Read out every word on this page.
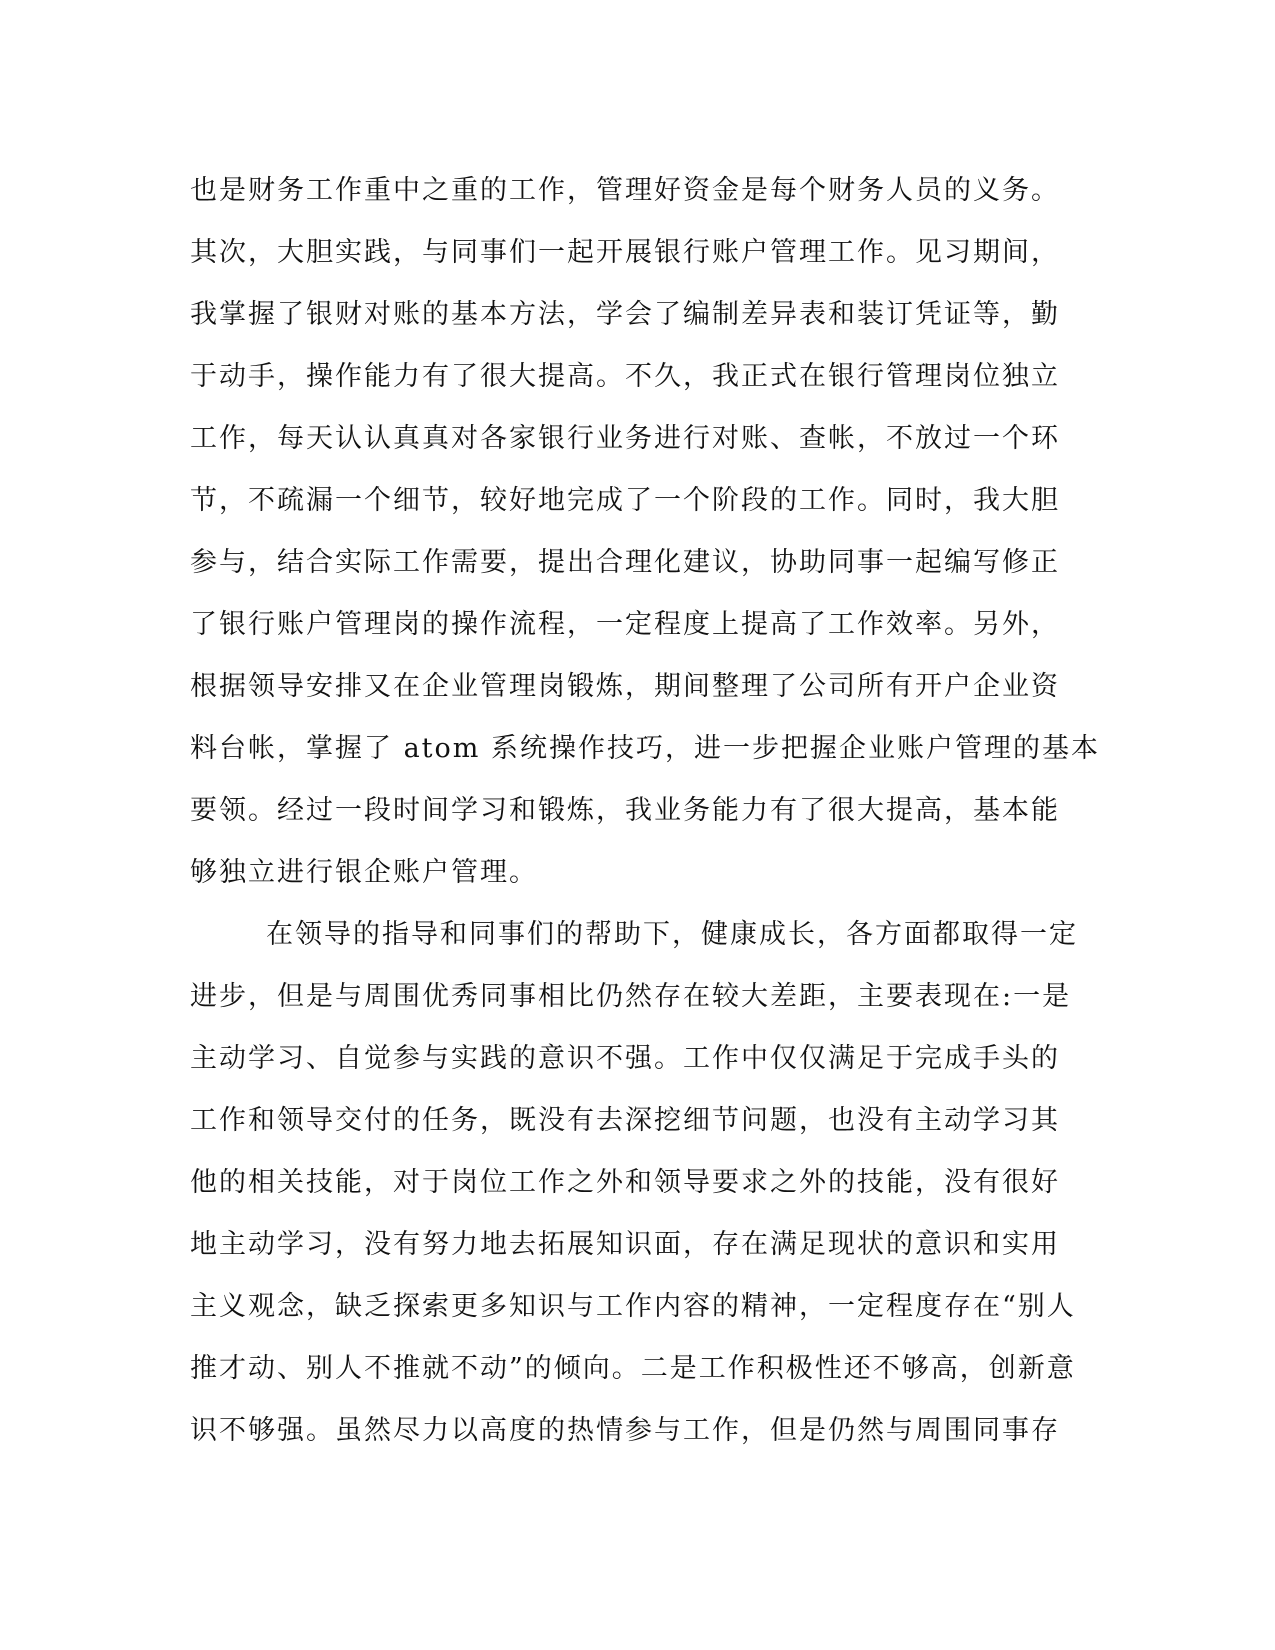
也是财务工作重中之重的工作，管理好资金是每个财务人员的义务。
其次，大胆实践，与同事们一起开展银行账户管理工作。见习期间，
我掌握了银财对账的基本方法，学会了编制差异表和装订凭证等，勤
于动手，操作能力有了很大提高。不久，我正式在银行管理岗位独立
工作，每天认认真真对各家银行业务进行对账、查帐，不放过一个环
节，不疏漏一个细节，较好地完成了一个阶段的工作。同时，我大胆
参与，结合实际工作需要，提出合理化建议，协助同事一起编写修正
了银行账户管理岗的操作流程，一定程度上提高了工作效率。另外，
根据领导安排又在企业管理岗锻炼，期间整理了公司所有开户企业资
料台帐，掌握了 atom 系统操作技巧，进一步把握企业账户管理的基本
要领。经过一段时间学习和锻炼，我业务能力有了很大提高，基本能
够独立进行银企账户管理。
在领导的指导和同事们的帮助下，健康成长，各方面都取得一定
进步，但是与周围优秀同事相比仍然存在较大差距，主要表现在:一是
主动学习、自觉参与实践的意识不强。工作中仅仅满足于完成手头的
工作和领导交付的任务，既没有去深挖细节问题，也没有主动学习其
他的相关技能，对于岗位工作之外和领导要求之外的技能，没有很好
地主动学习，没有努力地去拓展知识面，存在满足现状的意识和实用
主义观念，缺乏探索更多知识与工作内容的精神，一定程度存在“别人
推才动、别人不推就不动”的倾向。二是工作积极性还不够高，创新意
识不够强。虽然尽力以高度的热情参与工作，但是仍然与周围同事存
